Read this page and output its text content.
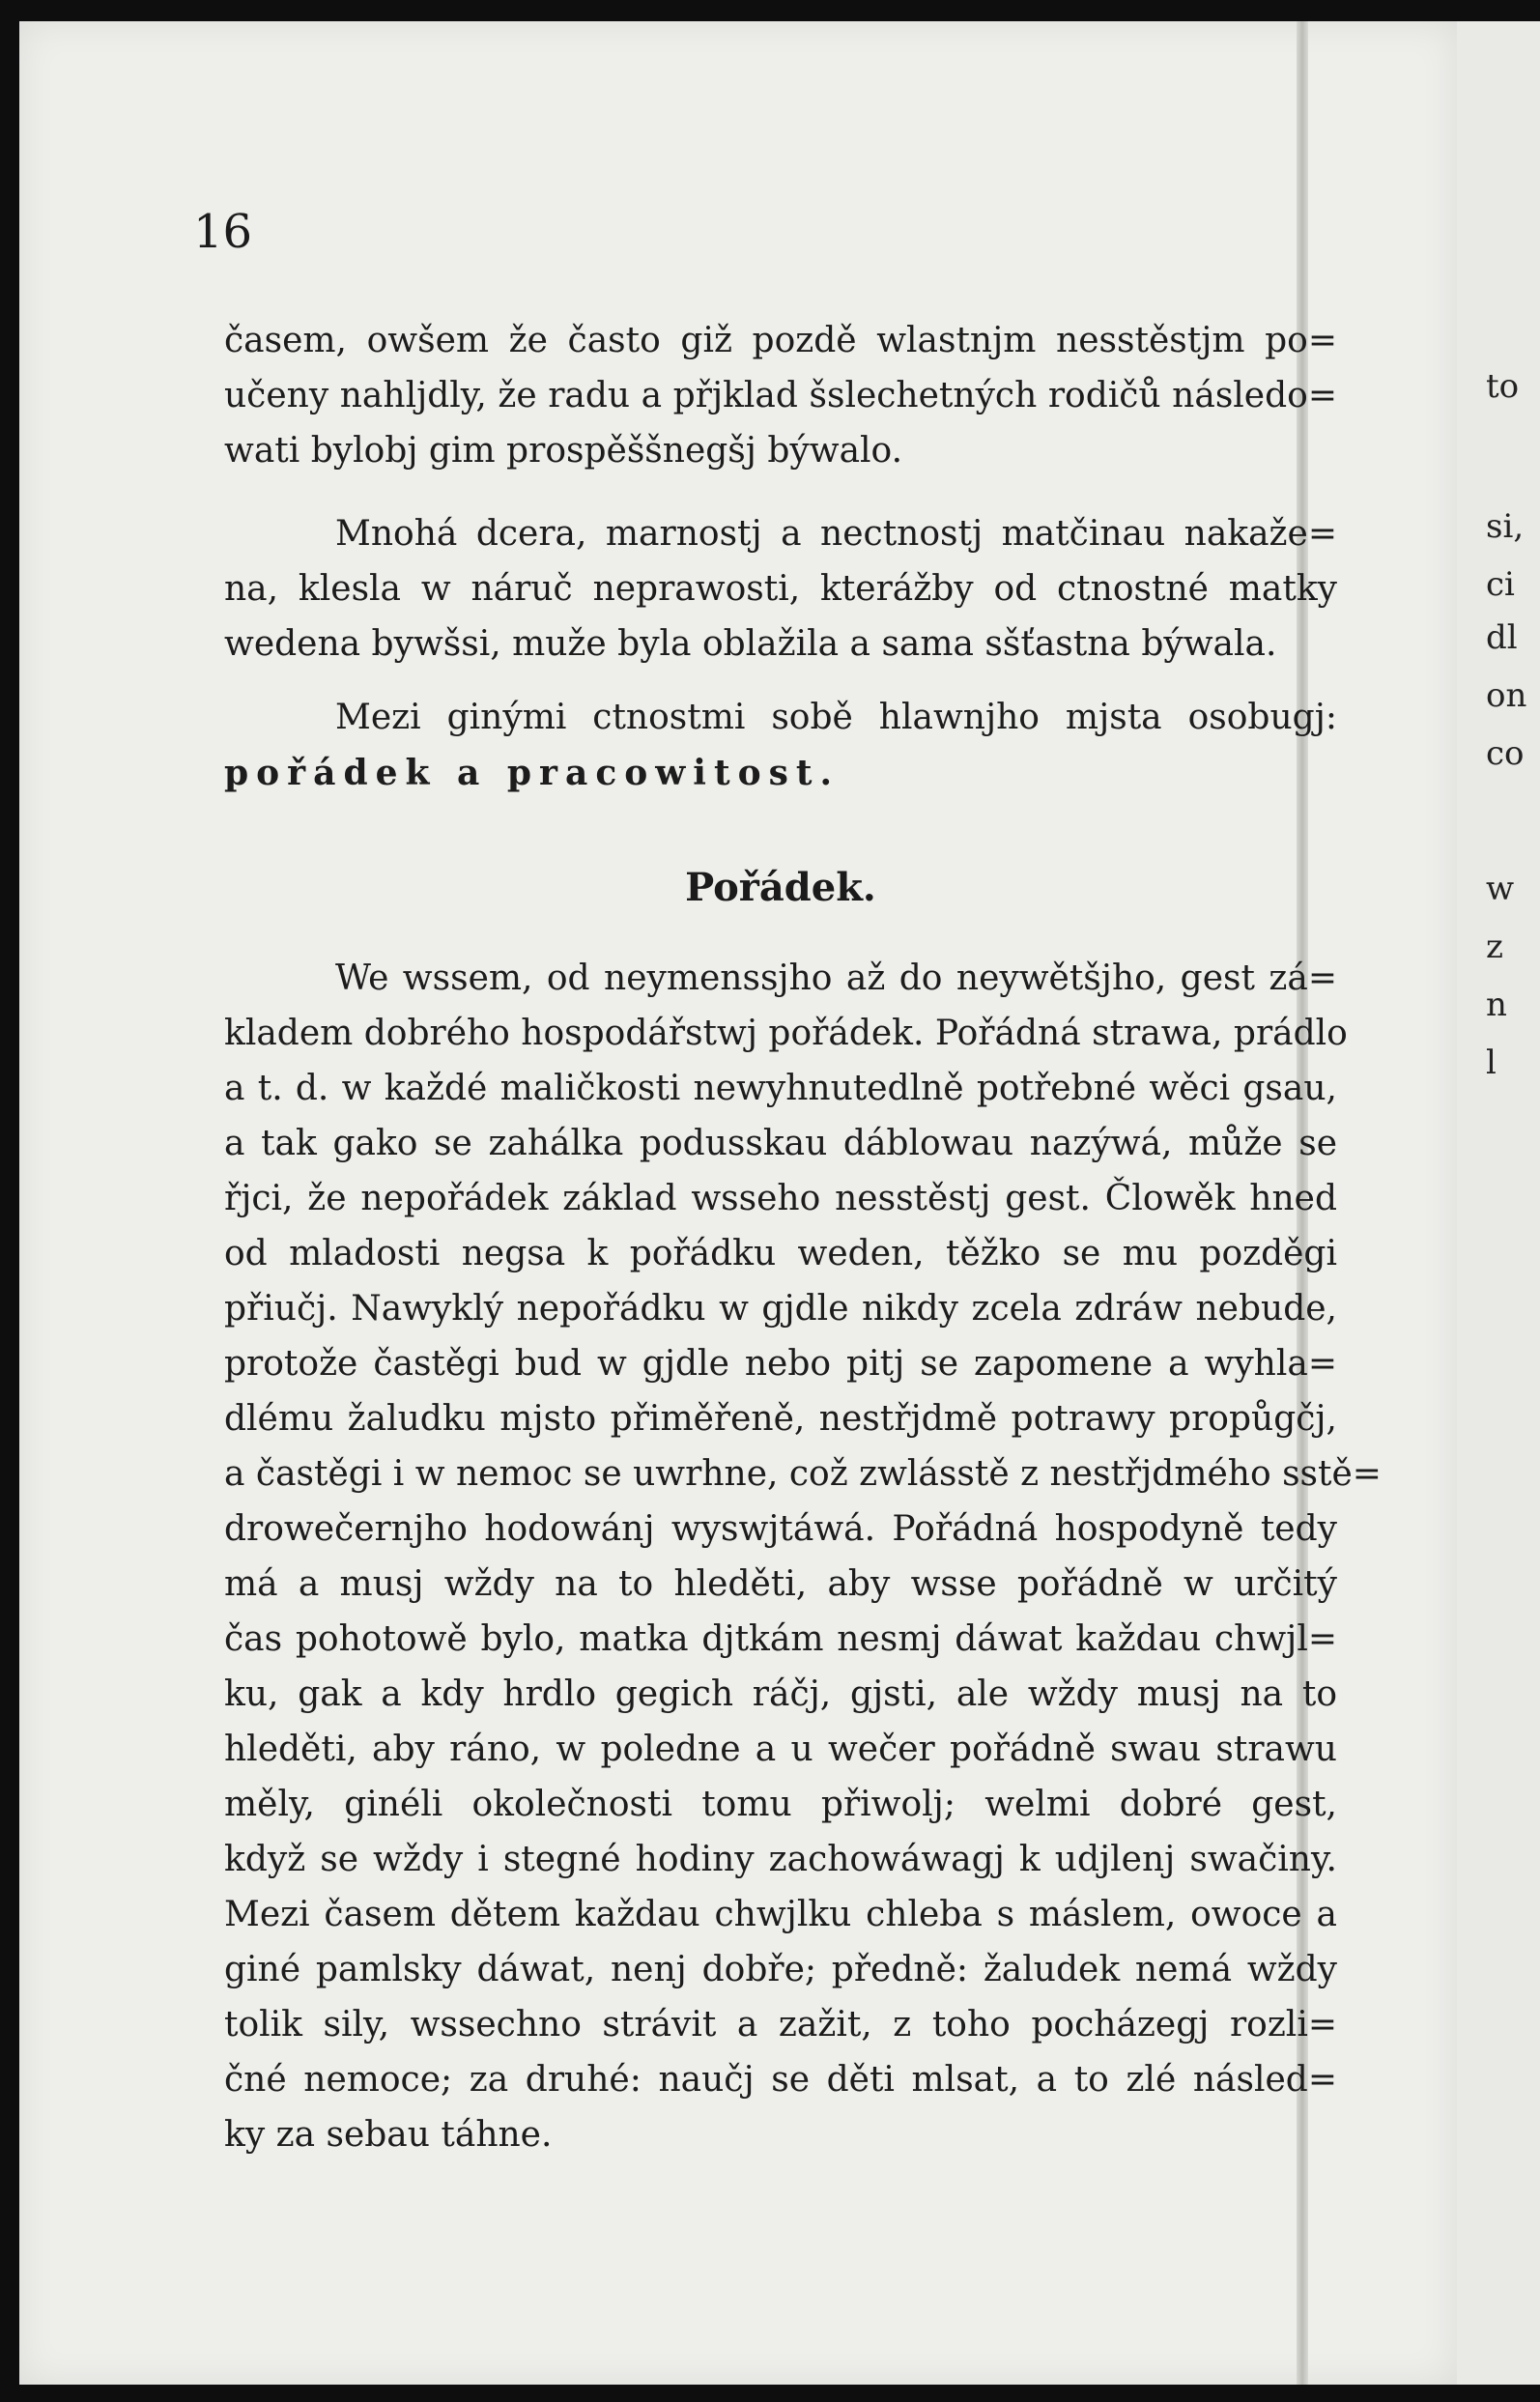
to
si,
ci
dl
on
co
w
z
n
l
16
časem, owšem že často giž pozdě wlastnjm nesstěstjm po=
učeny nahljdly, že radu a přjklad šslechetných rodičů následo=
wati bylobj gim prospěššnegšj býwalo.
Mnohá dcera, marnostj a nectnostj matčinau nakaže=
na, klesla w náruč neprawosti, kterážby od ctnostné matky
wedena bywšsi, muže byla oblažila a sama sšťastna býwala.
Mezi ginými ctnostmi sobě hlawnjho mjsta osobugj:
pořádek a pracowitost.
Pořádek.
We wssem, od neymenssjho až do neywětšjho, gest zá=
kladem dobrého hospodářstwj pořádek. Pořádná strawa, prádlo
a t. d. w každé maličkosti newyhnutedlně potřebné wěci gsau,
a tak gako se zahálka podusskau dáblowau nazýwá, může se
řjci, že nepořádek základ wsseho nesstěstj gest. Člowěk hned
od mladosti negsa k pořádku weden, těžko se mu pozděgi
přiučj. Nawyklý nepořádku w gjdle nikdy zcela zdráw nebude,
protože častěgi bud w gjdle nebo pitj se zapomene a wyhla=
dlému žaludku mjsto přiměřeně, nestřjdmě potrawy propůgčj,
a častěgi i w nemoc se uwrhne, což zwlásstě z nestřjdmého sstě=
drowečernjho hodowánj wyswjtáwá. Pořádná hospodyně tedy
má a musj wždy na to hleděti, aby wsse pořádně w určitý
čas pohotowě bylo, matka djtkám nesmj dáwat každau chwjl=
ku, gak a kdy hrdlo gegich ráčj, gjsti, ale wždy musj na to
hleděti, aby ráno, w poledne a u wečer pořádně swau strawu
měly, ginéli okolečnosti tomu přiwolj; welmi dobré gest,
když se wždy i stegné hodiny zachowáwagj k udjlenj swačiny.
Mezi časem dětem každau chwjlku chleba s máslem, owoce a
giné pamlsky dáwat, nenj dobře; předně: žaludek nemá wždy
tolik sily, wssechno strávit a zažit, z toho pocházegj rozli=
čné nemoce; za druhé: naučj se děti mlsat, a to zlé násled=
ky za sebau táhne.
